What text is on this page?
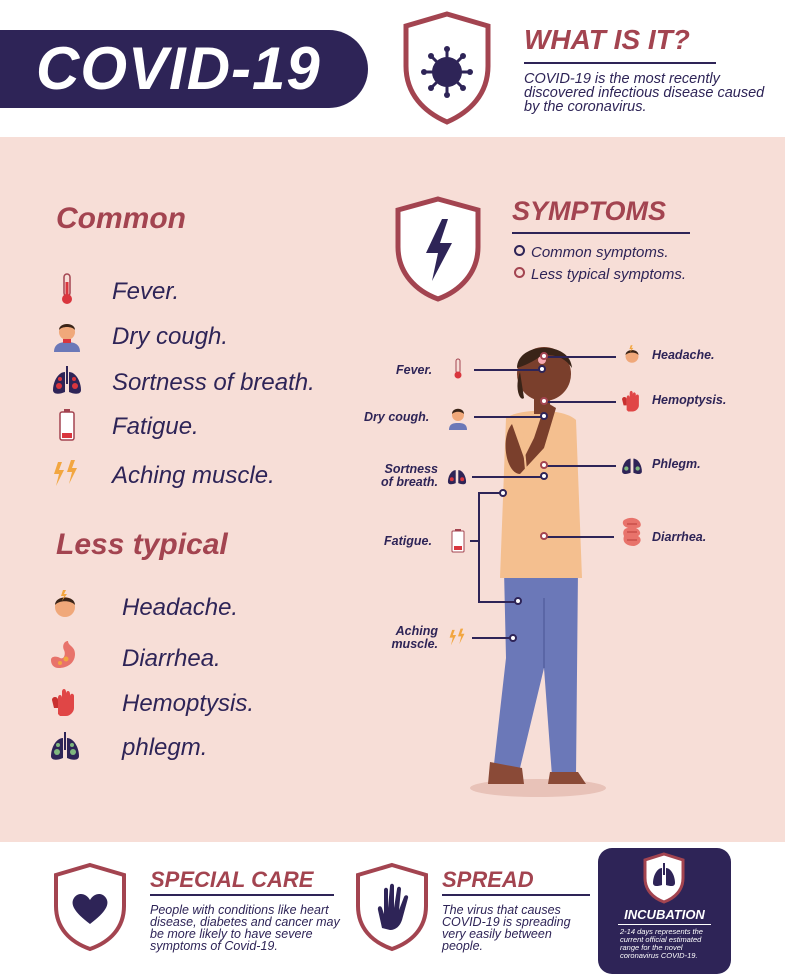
COVID-19	WHAT IS IT?
COVID-19 is the most recently discovered infectious disease caused by the coronavirus.
Common
Fever.
Dry cough.
Sortness of breath.
Fatigue.
Aching muscle.
Less typical
Headache.
Diarrhea.
Hemoptysis.
phlegm.
SYMPTOMS
Common symptoms.
Less typical symptoms.
Fever.
Dry cough.
Sortness
of breath.
Fatigue.
Aching
muscle.
Headache.
Hemoptysis.
Phlegm.
Diarrhea.
SPECIAL CARE
People with conditions like heart disease, diabetes and cancer may be more likely to have severe symptoms of Covid-19.
SPREAD
The virus that causes COVID-19 is spreading very easily between people.
INCUBATION
2-14 days represents the current official estimated range for the novel coronavirus COVID-19.
